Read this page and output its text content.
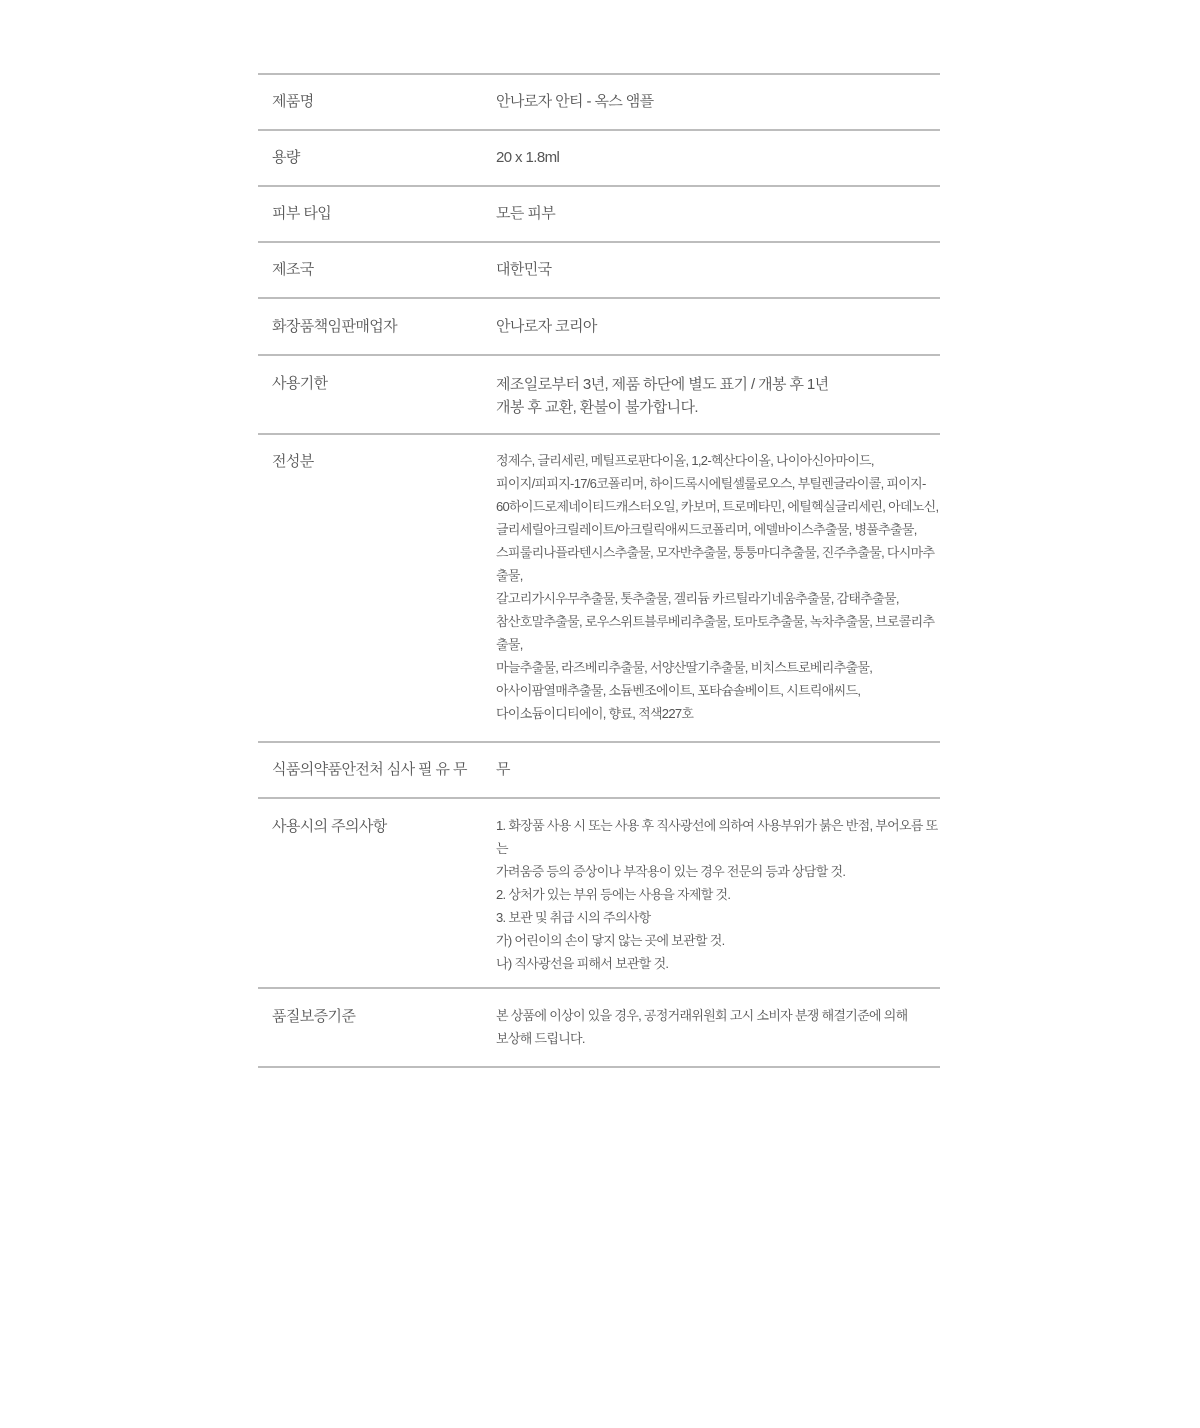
제품명	안나로자 안티 - 옥스 앰플
용량	20 x 1.8ml
피부 타입	모든 피부
제조국	대한민국
화장품책임판매업자	안나로자 코리아
사용기한	제조일로부터 3년, 제품 하단에 별도 표기 / 개봉 후 1년
개봉 후 교환, 환불이 불가합니다.
전성분	정제수, 글리세린, 메틸프로판다이올, 1,2-헥산다이올, 나이아신아마이드,
피이지/피피지-17/6코폴리머, 하이드록시에틸셀룰로오스, 부틸렌글라이콜, 피이지-
60하이드로제네이티드캐스터오일, 카보머, 트로메타민, 에틸헥실글리세린, 아데노신,
글리세릴아크릴레이트/아크릴릭애씨드코폴리머, 에델바이스추출물, 병풀추출물,
스피룰리나플라텐시스추출물, 모자반추출물, 퉁퉁마디추출물, 진주추출물, 다시마추출물,
갈고리가시우무추출물, 톳추출물, 겔리듐 카르틸라기네움추출물, 감태추출물,
참산호말추출물, 로우스위트블루베리추출물, 토마토추출물, 녹차추출물, 브로콜리추출물,
마늘추출물, 라즈베리추출물, 서양산딸기추출물, 비치스트로베리추출물,
아사이팜열매추출물, 소듐벤조에이트, 포타슘솔베이트, 시트릭애씨드,
다이소듐이디티에이, 향료, 적색227호
식품의약품안전처 심사 필 유 무	무
사용시의 주의사항	1. 화장품 사용 시 또는 사용 후 직사광선에 의하여 사용부위가 붉은 반점, 부어오름 또는
가려움증 등의 증상이나 부작용이 있는 경우 전문의 등과 상담할 것.
2. 상처가 있는 부위 등에는 사용을 자제할 것.
3. 보관 및 취급 시의 주의사항
가) 어린이의 손이 닿지 않는 곳에 보관할 것.
나) 직사광선을 피해서 보관할 것.
품질보증기준	본 상품에 이상이 있을 경우, 공정거래위원회 고시 소비자 분쟁 해결기준에 의해
보상해 드립니다.
